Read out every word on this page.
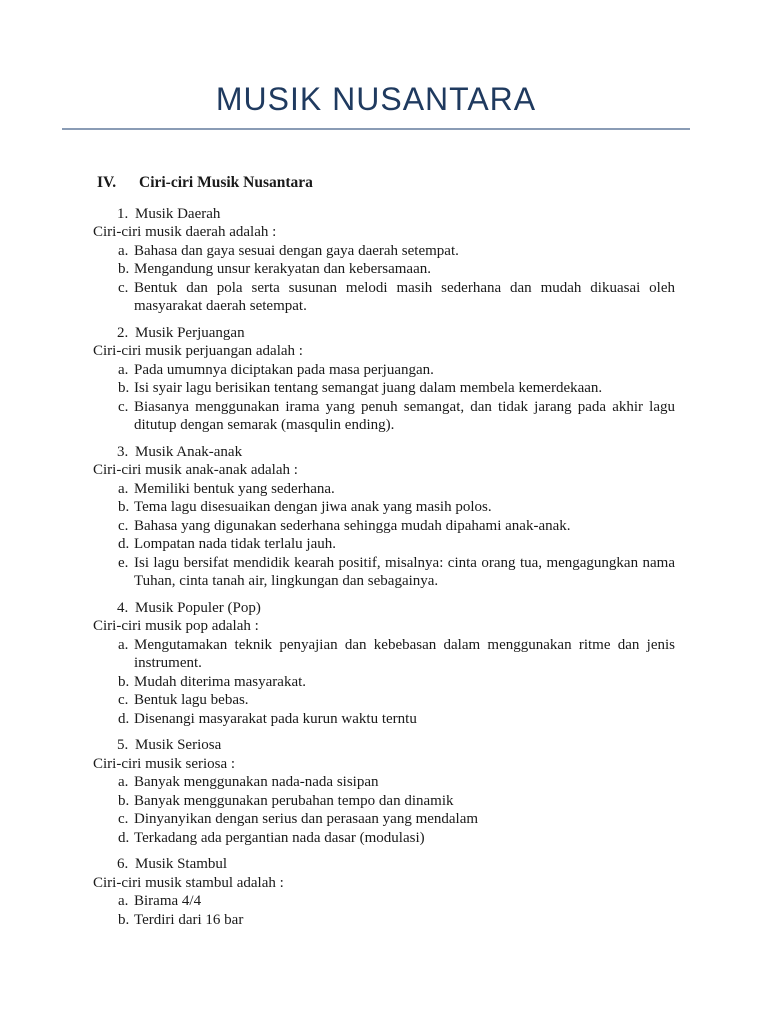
MUSIK NUSANTARA
IV. Ciri-ciri Musik Nusantara
1. Musik Daerah
Ciri-ciri musik daerah adalah :
a. Bahasa dan gaya sesuai dengan gaya daerah setempat.
b. Mengandung unsur kerakyatan dan kebersamaan.
c. Bentuk dan pola serta susunan melodi masih sederhana dan mudah dikuasai oleh masyarakat daerah setempat.
2. Musik Perjuangan
Ciri-ciri musik perjuangan adalah :
a. Pada umumnya diciptakan pada masa perjuangan.
b. Isi syair lagu berisikan tentang semangat juang dalam membela kemerdekaan.
c. Biasanya menggunakan irama yang penuh semangat, dan tidak jarang pada akhir lagu ditutup dengan semarak (masqulin ending).
3. Musik Anak-anak
Ciri-ciri musik anak-anak adalah :
a. Memiliki bentuk yang sederhana.
b. Tema lagu disesuaikan dengan jiwa anak yang masih polos.
c. Bahasa yang digunakan sederhana sehingga mudah dipahami anak-anak.
d. Lompatan nada tidak terlalu jauh.
e. Isi lagu bersifat mendidik kearah positif, misalnya: cinta orang tua, mengagungkan nama Tuhan, cinta tanah air, lingkungan dan sebagainya.
4. Musik Populer (Pop)
Ciri-ciri musik pop adalah :
a. Mengutamakan teknik penyajian dan kebebasan dalam menggunakan ritme dan jenis instrument.
b. Mudah diterima masyarakat.
c. Bentuk lagu bebas.
d. Disenangi masyarakat pada kurun waktu terntu
5. Musik Seriosa
Ciri-ciri musik seriosa :
a. Banyak menggunakan nada-nada sisipan
b. Banyak menggunakan perubahan tempo dan dinamik
c. Dinyanyikan dengan serius dan perasaan yang mendalam
d. Terkadang ada pergantian nada dasar (modulasi)
6. Musik Stambul
Ciri-ciri musik stambul adalah :
a. Birama 4/4
b. Terdiri dari 16 bar
